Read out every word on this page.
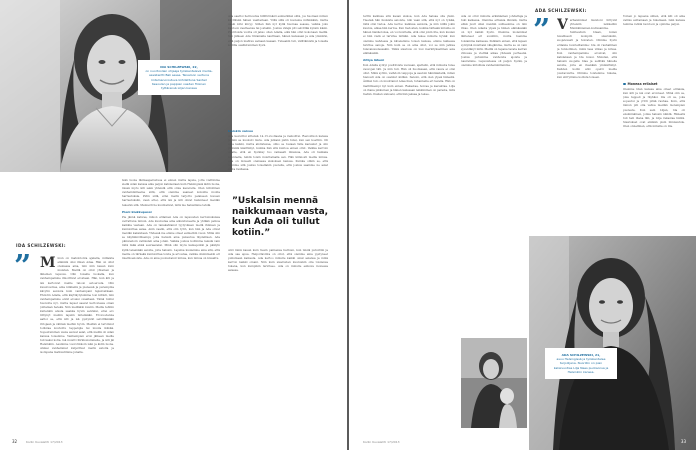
IDA SCHILZEWSKI, 22,
on nuortoolien ohjaaja työskentelevä media-assistentti Bali sesse. Taivaloon vertuna rintamanorostuva kiihdattuna Santeri Kesoulan ja pappien vasden fiioinen tyttärensä Liljan kanssa
IDA SCHILZEWSKI:
” M inun on mahdotonta ajatella, millaista elämäni olisi ilman Adaa. Hän on ollut olemassa aina, niin niin kauan kuin muistan. Meillä on ollut yhteinen ja läheinen lapsuus. Olin toisella luokalla, kun vanhempamme ilmoittivat erostaan. Hän, kun äiti ja isä kertoivat meille taloon avioerosta. Olin kuusivuotias, aina niikkeliä ja pienessä ja parempina kävytin asioista kuin vanhempani tajusivatkaan. Ehdotin Adalle, että käyttäytyisimme tosi kiltisti, niin vanhempamme eivät eroaisi ovaaltaan. Tämä tuntui huonolta nyt, mutta lapset saavat kertoviessa oman johtaman hetekä. Niin meilläkin kuulin. Meille tehtiin kuitenkin alusta saakka hyvin selväksi, ettei ero liittynyt meihin lapsiin mitenkään. Erovuodenna aattoi se, että äiti ja isä pystyivät selvittämään riitojaan ja välinsä meihin hyvin. Meidän ei tarvinnut todistaa kouhottu tappelujia tai muuta ikävää. Sopeutuminen uusia asuvat asiat, että meillä oli Adan kanssa toisemme. Vanhempien eron jälkeen meille tuli kaksi kotia. Isä muutti Kirkkonummelle, ja äiti jäi Helsinkiin. Asuimme vuorotikkoin isän ja äidin luona. Alukai vanhemmat kuljettivat meitä autolla ja isompana matkustimme junalla.

Isän luona likimaaparustusa ei ennen mutta lapsia, jotta viettimme siellä Adan kanssa aika paljon kahdestaan kuin Helsingissä äidin luona, missä myös äiti sekä yhteistä että omia kavereita. Olen kiitollinen vanhemmilleeme siitä, että olemme saaneet kokoilla monta harrastuksia. Pidin siitä, ettei meitä tarjottu pelaiseen kuosen harrastuksiin, vaan ettei, että isä ja äiti olivat halunneet meidän tekevän sitä. Mennetti he kuuntelivat, mitä me halusimme tehdä.

Pieni kiukkupussi

Pie jännä kahvaa, mikon erilainen Ada on lapsuuden kertomuksissa verrattuna minun. Ada kuulostaa aina aikuistuneelta ja yhtään pelkoa kaikkia vastaan. Ada on tanakahtanut tyytyväisen meitä ihmisen ja kunnioittaa asiaa. Anin vaalin, että olin tyttö, kun hän ja Ada olivat meidän kaksistaan. Yhdessä me emme olleet esimerkin vuosi. Minä olin se käytännöllisempi, joka halusin aina pukeutua täydellisen. Ada päinvastoin valmisteli aina jotain. Vaikka joskus koitimme keksiä vain mitä lisää ehkä seuraavaksi. Minä olin myös kamapoikki ja päätyin kyllä tekemään asioita, joita halusin. Lapsina kuulemme aina sitä, että meille on tärkeää kunnioittaa toista ja arvostaa, vaikka olisimmekin eri mieltä asioista. Ada on aina puolustanut minua, kun minua on kiusattu.

Ada saattoi hermostua hillittömästi esimerkiksi siitä, jos huomasi minun käyttävän hänen vaatteitaan. Yöllä sillä oli kuolema mihinkään, mutta usein kiivi kiivyy. Siihen hän nyt kyllä huomaa seassa, vaikka joku kantoon vaatteensa tai jostakin. Joskus välejä piti selvittää kynsin käsin. Puolitoista vuotta oli jakso ollen Adalla, eikä hän ollut kokonaan meillä. Sen jälkeen Ada rintamalla nauttiaan, hänen kanssaan ja Ada ymmärsi, että paljon mahtuu samaan kasaan. Tukeakin tuli, välittämistä ja toisella kodilla osallistuminen hyvä.

Isoiskin vaivoo

Ada keuvittui sittensä 14–15-vuotiaana ja raskoittui. Rasvoitkon kanssa ja niin se kuulosti muta. Ada julkaisi pätin tunsi, kun sen koettiin. Oli aina kaikki, mutta ahdistavaa, oliko se tosiaan tälle kasvanut ja olin ystäväni käsittänyt, kuinka hän sitä kuntoa ennen ollut. Vaikka kerroin Adalle, että en hyväksy tuo vaikeasti ilmaisua, Ada oli hankala kuunnella, tehdä toisin muuttamalla sen. Hän kiinnosti meille minua. Ada on iloisesti olemassa siskoksen kanssa. Kuinka olikin se, että teemme sitä joskus toisellakin puolella, että joskus saamme ne asiat vasta rauhassa.

”Uskalsin mennä naikkumaan vasta, kun Ada oli tullut kotiin.”

Anti minä kauan kuin tiesin paimensa hattuun, kun niistä puhuttiin ja Ada saa apua. Helpottavinta on ollut, että olemme aina pystyneet puhumaan kaikesta. Ada kertoo minulle kaikki omat asiansa ja minä kerron kaikki omani. Niin kuin sisarusten kuuluukin olla toistensa tukena, kun kumpikin tarvitsee. Ada on minulle esikuva monessa asiassa.

32	Kodin Kuvalehti 17/2013

terttä kaikissa sitä kauan siskoa, kun Ada haluaa olla yksin. Yleensä hän ikuisista asioista, niin vaan sitä, että nyt on tylsää, mitä olisi tietoa. Ada kertoo kaikissa asioista, ja niin niillä jokin kuuluu, alkaa hän kertoa. Kun tiedostan, kuinka tärkeää minulle on hänen läsnäolonsa, en voi kuvitella, että olisi jokin ilta, kun kuulen ei hän vielä ei tarvitse mitään. Ada tekee minulle hyvää: kun olemme kahdessa ja kävelemme toisen kanssa, emme kaikessa tarvitse sanoja. Niin kuin se on aina ollut, voi se niin jatkua tulevaisuudessakin. Tämä sisaruus on tosi merkityksellinen asia elämässäni.

Aitiya läheni

Kun Adalla syntyi positiivista vauvaan, ajattelin, että minusta tulee vauvojen täti. Ja niin tuli. Hän oli huolissaan, että vauva ei olisi ollut. Minä syötin, vaihdoin vaippoja ja saatoin hämmästellä, miten hienosti Ada on osannut äidiksi. Sanoin, että olen ylpeä hänestä. Äidiksi tulo on muuttanut Adaa ihan, tuhannella eri tavalla. Hän on maltillisempi nyt kuin ennen. Rakastaa, hoivaa ja kasvattaa. Lilja on ihana pikkuinen ja hänen kanssaan leikkiminen on parasta, mitä tiedän. Ihailen siskoani, että hän jaksaa ja tekee.

Ada on ollut minulle eräänlainen johdattaja ja tuki kaikessa. Olemme erilaisia ihmisiä, mutta ehkä juuri siksi meidän suhteemme on niin rikas. Olen Adasta ylpeä ja hänen elämässään on nyt kaikki hyvin. Olemme molemmat lähteneet eri suuntiin, mutta tuemme toisiamme kaikessa. Pelkäsin ennen, että lapsen syntymä muuttaisi välejämme, mutta se on vain syventänyt niitä. Meillä on tapana tavata kerran viikossa ja viettää aikaa yhdessä perheenä. Joskus puhumme vanhoista ajoista ja nauramme. Lapsuudessa oli paljon hyvää, ja olemme kiitollisia vanhemmillemme.

ADA SCHILZEWSKI:
” V arhaisimmat muistoni liittyvät yhteisiin leikkeihin Munkkiniemen-kodissamme. Suhtauduin Idaan, kuten tavallisesti isompiin sisaruksiin, suojelevasti ja hoivaten. Olimme hyvin erilaisia luonteiltamme: Ida oli rauhallinen ja tunnollinen, minä taas vilkas ja kiivas. Kun vanhempamme erosivat, olin kahdeksan ja Ida kuusi. Muistan, että halusin suojella Idaa ja selittää hänelle asioita, joita en itsekään ymmärtänyt. Kahden kodin arki opetti meille joustavuutta. Olimme toistemme tukena, kun siirryimme kodista toiseen.

Toinen jo lapsena siihen, että äiti oli aina valmis auttamaan ja tukemaan. Isän kanssa teimme retkiä luontoon ja opimme paljon.

Moneaa erilaiset

Olemme Idan kanssa aina olleet erilaisia, kun äiti ja isä ovat eronneet. Minä olin se, joka tappeli ja räyhäsi. Ida oli se, joka sopeutui ja yritti pitää rauhaa. Koin, että minun piti olla vahva meidän molempien puolesta. Kun sain Liljan, Ida oli ensimmäinen, jonka halusin nähdä. Hänestä tuli heti ihana täti, ja Lilja rakastaa häntä. Sisarukset ovat elämän pisin ihmissuhde. Olen onnellinen, että minulla on Ida.

ADA SCHILZEWSKI, 21,
asuu Helsingissä ja työskentelee tarjoilijana. Nuorillin on pian kaksivuotias Lilja Nees puolisonsa ja Helsinkiin kanssa.
Kodin Kuvalehti 17/2013	33
